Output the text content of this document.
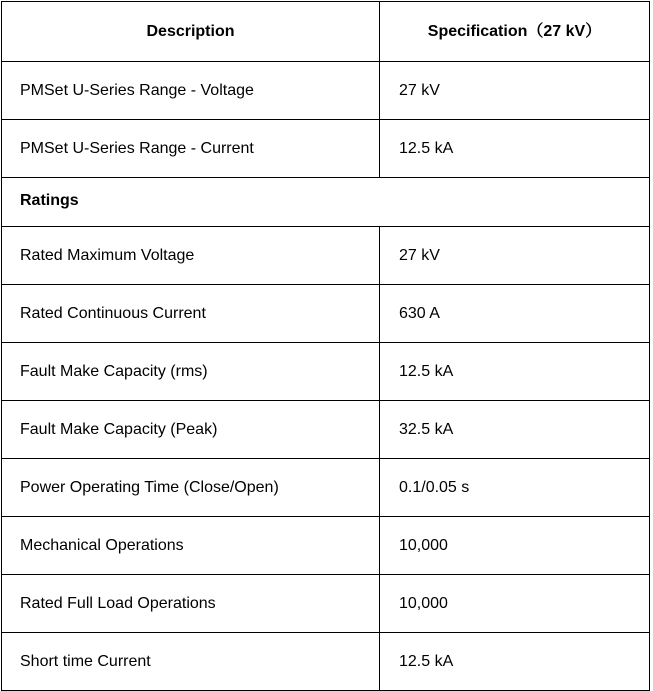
Description	Specification（27 kV）
PMSet U-Series Range - Voltage	27 kV
PMSet U-Series Range - Current	12.5 kA
Ratings	
Rated Maximum Voltage	27 kV
Rated Continuous Current	630 A
Fault Make Capacity (rms)	12.5 kA
Fault Make Capacity (Peak)	32.5 kA
Power Operating Time (Close/Open)	0.1/0.05 s
Mechanical Operations	10,000
Rated Full Load Operations	10,000
Short time Current	12.5 kA
